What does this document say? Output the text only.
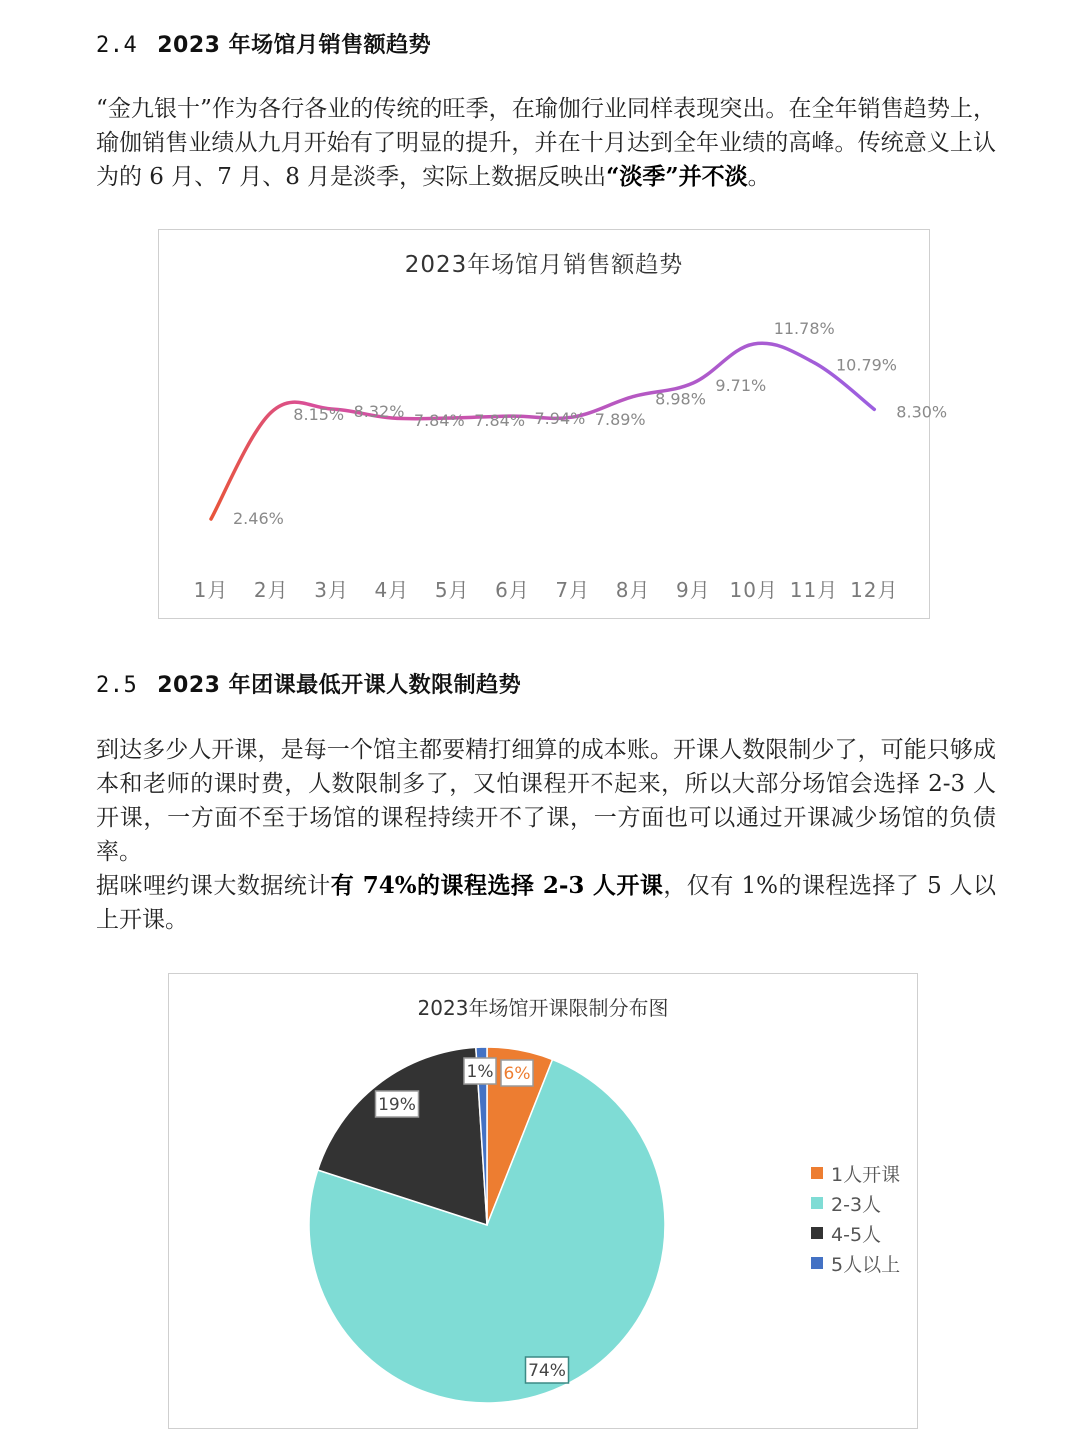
2.4 2023 年场馆月销售额趋势
“金九银十”作为各行各业的传统的旺季，在瑜伽行业同样表现突出。在全年销售趋势上，瑜伽销售业绩从九月开始有了明显的提升，并在十月达到全年业绩的高峰。传统意义上认为的 6 月、7 月、8 月是淡季，实际上数据反映出“淡季”并不淡。
2023年场馆月销售额趋势
2.46%
8.15% 8.32% 7.84% 7.84% 7.94% 7.89%
8.98%
9.71%
11.78%
10.79%
8.30%
1月 2月 3月 4月 5月 6月 7月 8月 9月 10月 11月 12月
2.5 2023 年团课最低开课人数限制趋势
到达多少人开课，是每一个馆主都要精打细算的成本账。开课人数限制少了，可能只够成本和老师的课时费，人数限制多了，又怕课程开不起来，所以大部分场馆会选择 2-3 人开课，一方面不至于场馆的课程持续开不了课，一方面也可以通过开课减少场馆的负债率。
据咪哩约课大数据统计有 74%的课程选择 2-3 人开课，仅有 1%的课程选择了 5 人以上开课。
2023年场馆开课限制分布图
6%
74%
19%
1%
1人开课
2-3人
4-5人
5人以上
